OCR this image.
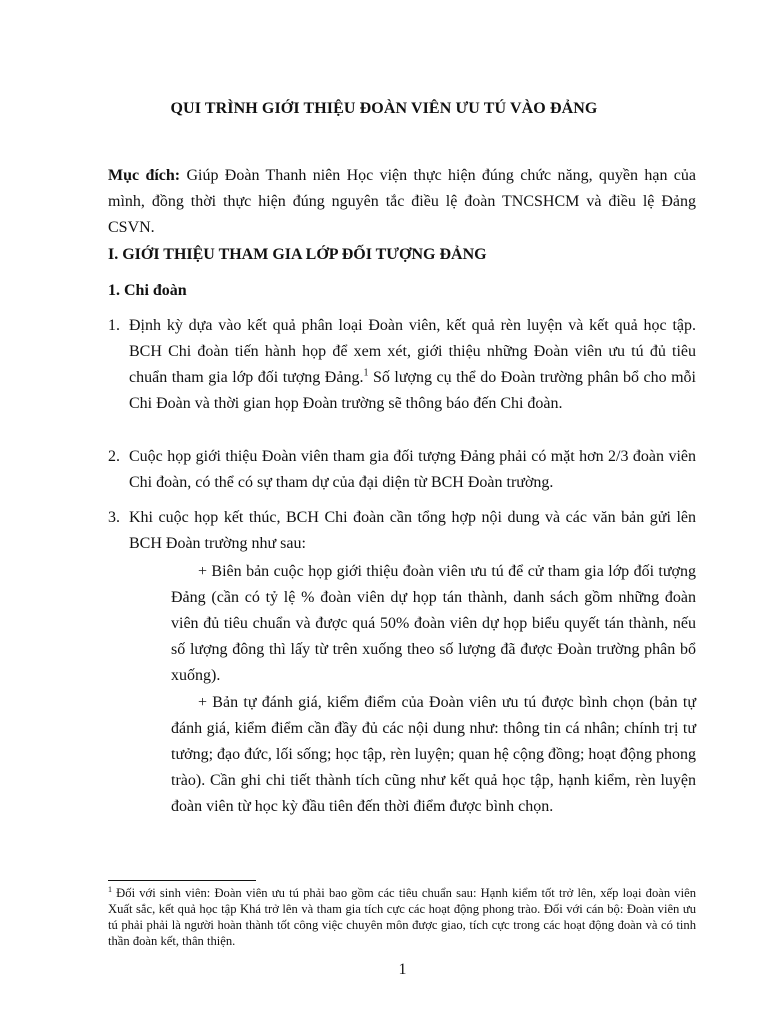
QUI TRÌNH GIỚI THIỆU ĐOÀN VIÊN ƯU TÚ VÀO ĐẢNG
Mục đích: Giúp Đoàn Thanh niên Học viện thực hiện đúng chức năng, quyền hạn của mình, đồng thời thực hiện đúng nguyên tắc điều lệ đoàn TNCSHCM và điều lệ Đảng CSVN.
I. GIỚI THIỆU THAM GIA LỚP ĐỐI TƯỢNG ĐẢNG
1. Chi đoàn
1. Định kỳ dựa vào kết quả phân loại Đoàn viên, kết quả rèn luyện và kết quả học tập. BCH Chi đoàn tiến hành họp để xem xét, giới thiệu những Đoàn viên ưu tú đủ tiêu chuẩn tham gia lớp đối tượng Đảng.$^1$ Số lượng cụ thể do Đoàn trường phân bổ cho mỗi Chi Đoàn và thời gian họp Đoàn trường sẽ thông báo đến Chi đoàn.
2. Cuộc họp giới thiệu Đoàn viên tham gia đối tượng Đảng phải có mặt hơn 2/3 đoàn viên Chi đoàn, có thể có sự tham dự của đại diện từ BCH Đoàn trường.
3. Khi cuộc họp kết thúc, BCH Chi đoàn cần tổng hợp nội dung và các văn bản gửi lên BCH Đoàn trường như sau:
+ Biên bản cuộc họp giới thiệu đoàn viên ưu tú để cử tham gia lớp đối tượng Đảng (cần có tỷ lệ % đoàn viên dự họp tán thành, danh sách gồm những đoàn viên đủ tiêu chuẩn và được quá 50% đoàn viên dự họp biểu quyết tán thành, nếu số lượng đông thì lấy từ trên xuống theo số lượng đã được Đoàn trường phân bổ xuống).
+ Bản tự đánh giá, kiểm điểm của Đoàn viên ưu tú được bình chọn (bản tự đánh giá, kiểm điểm cần đầy đủ các nội dung như: thông tin cá nhân; chính trị tư tưởng; đạo đức, lối sống; học tập, rèn luyện; quan hệ cộng đồng; hoạt động phong trào). Cần ghi chi tiết thành tích cũng như kết quả học tập, hạnh kiểm, rèn luyện đoàn viên từ học kỳ đầu tiên đến thời điểm được bình chọn.
$^1$ Đối với sinh viên: Đoàn viên ưu tú phải bao gồm các tiêu chuẩn sau: Hạnh kiểm tốt trở lên, xếp loại đoàn viên Xuất sắc, kết quả học tập Khá trở lên và tham gia tích cực các hoạt động phong trào. Đối với cán bộ: Đoàn viên ưu tú phải phải là người hoàn thành tốt công việc chuyên môn được giao, tích cực trong các hoạt động đoàn và có tinh thần đoàn kết, thân thiện.
1
